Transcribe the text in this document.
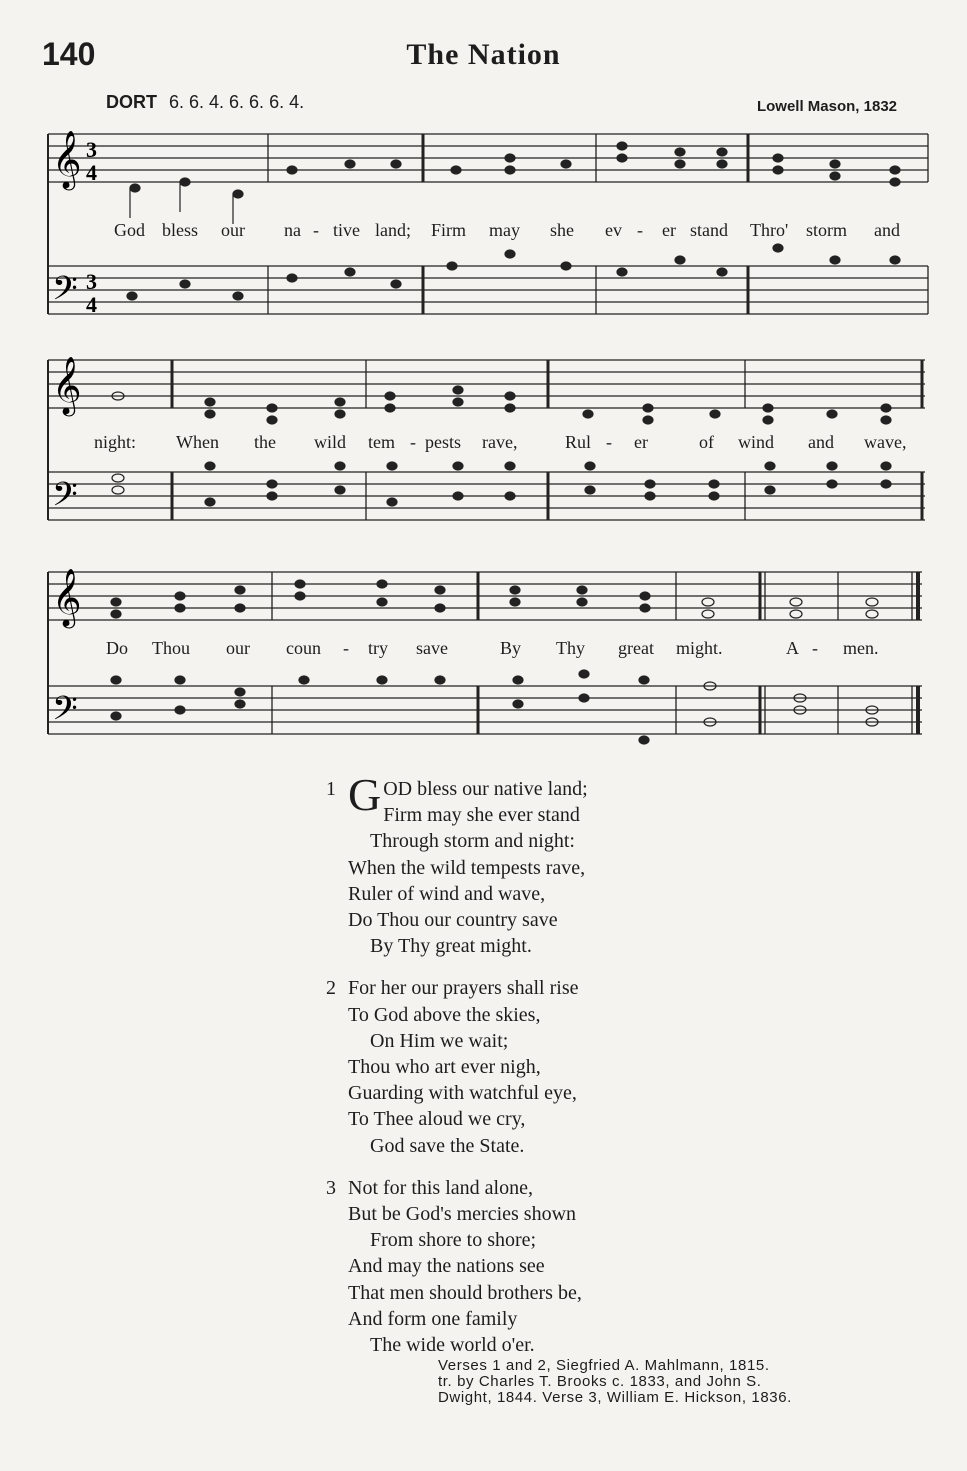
140	The Nation
DORT 6. 6. 4. 6. 6. 6. 4.	Lowell Mason, 1832
𝄞
𝄢
3
4
3
4
God bless our na - tive land; Firm may she ev - er stand Thro' storm and
𝄞
𝄢
night: When the wild tem - pests rave,	Rul - er	of wind and wave,
𝄞
𝄢
Do Thou our coun - try save	By Thy great might.	A - men.
1 G OD bless our native land;
Firm may she ever stand
Through storm and night:
When the wild tempests rave,
Ruler of wind and wave,
Do Thou our country save
By Thy great might.
2 For her our prayers shall rise
To God above the skies,
On Him we wait;
Thou who art ever nigh,
Guarding with watchful eye,
To Thee aloud we cry,
God save the State.
3 Not for this land alone,
But be God's mercies shown
From shore to shore;
And may the nations see
That men should brothers be,
And form one family
The wide world o'er.
Verses 1 and 2, Siegfried A. Mahlmann, 1815.
tr. by Charles T. Brooks c. 1833, and John S.
Dwight, 1844. Verse 3, William E. Hickson, 1836.
